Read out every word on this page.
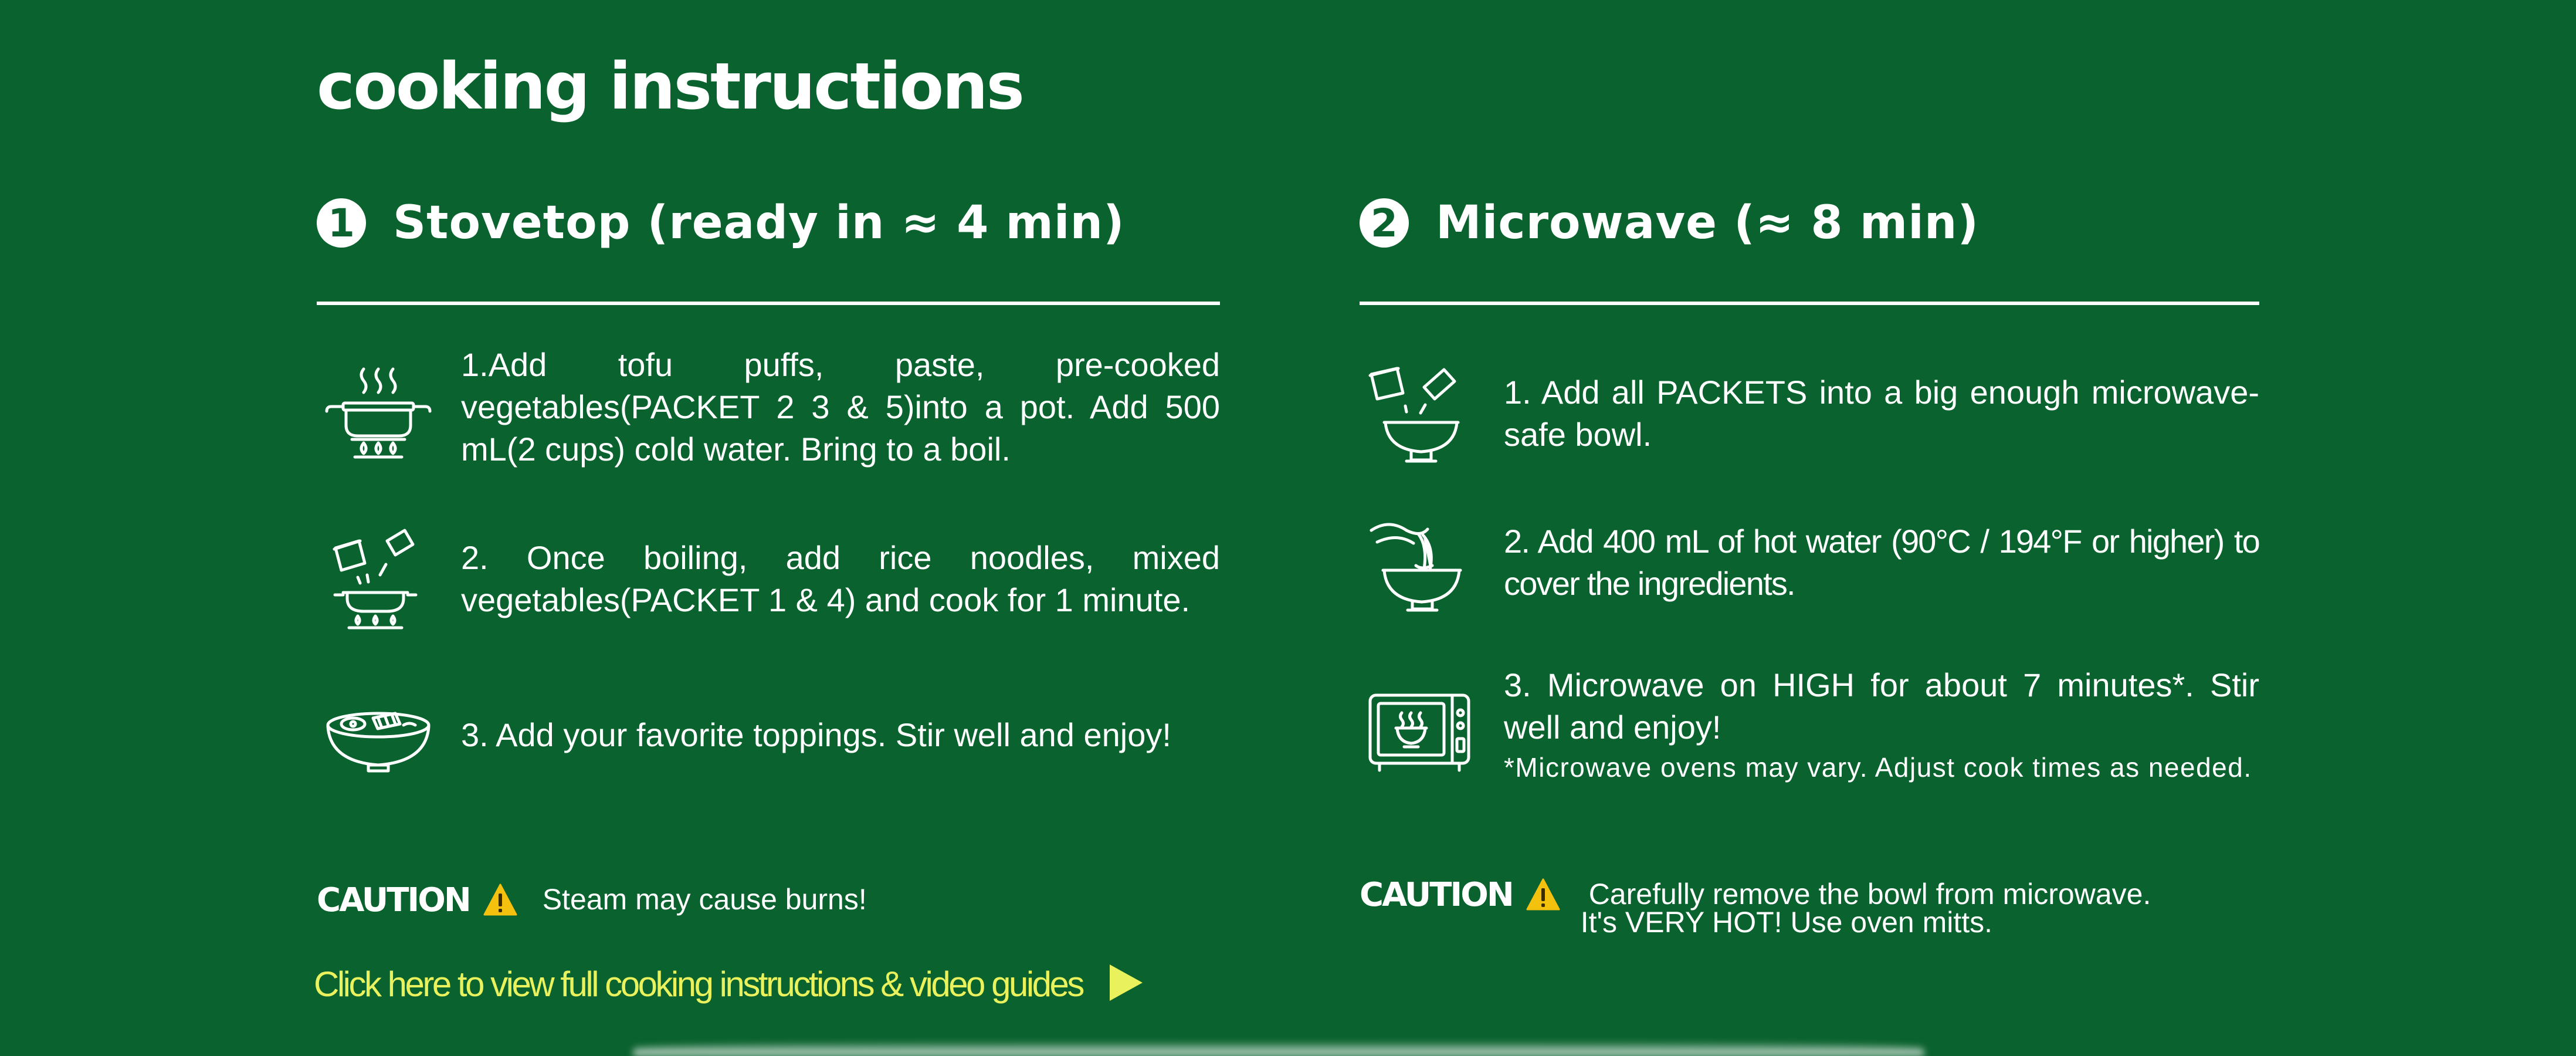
cooking instructions
1 Stovetop (ready in ≈ 4 min)
1.Add tofu puffs, paste, pre-cooked vegetables(PACKET 2 3 & 5)into a pot. Add 500 mL(2 cups) cold water. Bring to a boil.
2. Once boiling, add rice noodles, mixed vegetables(PACKET 1 & 4) and cook for 1 minute.
3. Add your favorite toppings. Stir well and enjoy!
CAUTION Steam may cause burns!
2 Microwave (≈ 8 min)
1. Add all PACKETS into a big enough microwave-safe bowl.
2. Add 400 mL of hot water (90°C / 194°F or higher) to cover the ingredients.
3. Microwave on HIGH for about 7 minutes*. Stir well and enjoy!
*Microwave ovens may vary. Adjust cook times as needed.
CAUTION	Carefully remove the bowl from microwave.
It's VERY HOT! Use oven mitts.
Click here to view full cooking instructions & video guides
